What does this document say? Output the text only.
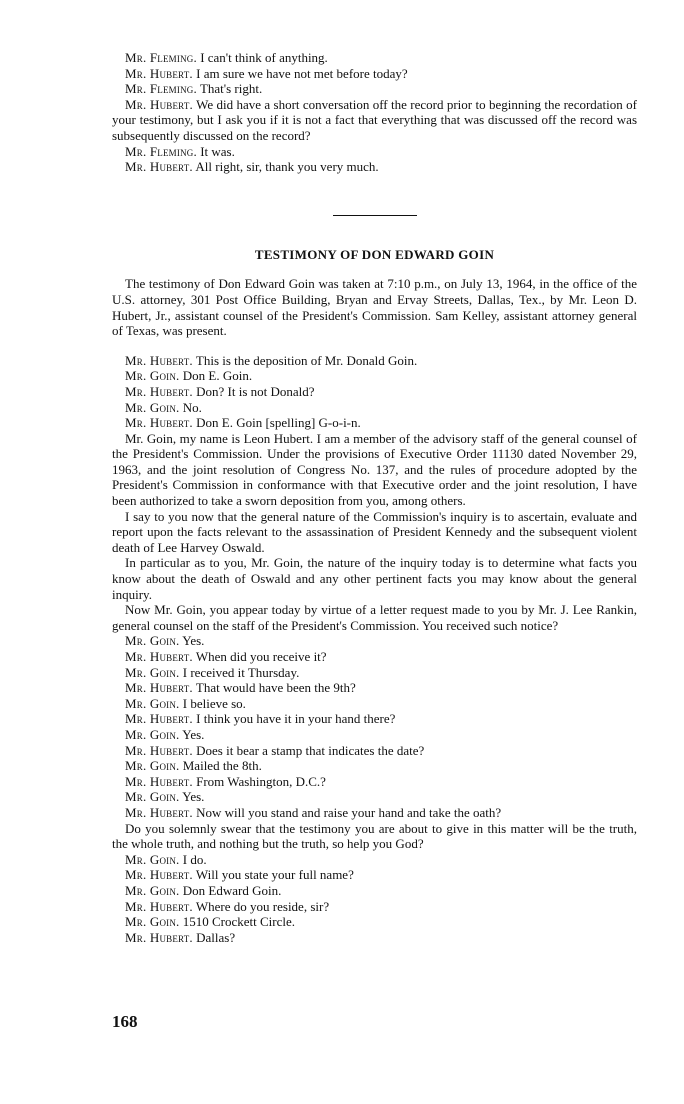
Mr. Fleming. I can't think of anything.

Mr. Hubert. I am sure we have not met before today?

Mr. Fleming. That's right.

Mr. Hubert. We did have a short conversation off the record prior to beginning the recordation of your testimony, but I ask you if it is not a fact that everything that was discussed off the record was subsequently discussed on the record?

Mr. Fleming. It was.

Mr. Hubert. All right, sir, thank you very much.

TESTIMONY OF DON EDWARD GOIN

The testimony of Don Edward Goin was taken at 7:10 p.m., on July 13, 1964, in the office of the U.S. attorney, 301 Post Office Building, Bryan and Ervay Streets, Dallas, Tex., by Mr. Leon D. Hubert, Jr., assistant counsel of the President's Commission. Sam Kelley, assistant attorney general of Texas, was present.

Mr. Hubert. This is the deposition of Mr. Donald Goin.

Mr. Goin. Don E. Goin.

Mr. Hubert. Don? It is not Donald?

Mr. Goin. No.

Mr. Hubert. Don E. Goin [spelling] G-o-i-n.

Mr. Goin, my name is Leon Hubert. I am a member of the advisory staff of the general counsel of the President's Commission. Under the provisions of Executive Order 11130 dated November 29, 1963, and the joint resolution of Congress No. 137, and the rules of procedure adopted by the President's Commission in conformance with that Executive order and the joint resolution, I have been authorized to take a sworn deposition from you, among others.

I say to you now that the general nature of the Commission's inquiry is to ascertain, evaluate and report upon the facts relevant to the assassination of President Kennedy and the subsequent violent death of Lee Harvey Oswald.

In particular as to you, Mr. Goin, the nature of the inquiry today is to determine what facts you know about the death of Oswald and any other pertinent facts you may know about the general inquiry.

Now Mr. Goin, you appear today by virtue of a letter request made to you by Mr. J. Lee Rankin, general counsel on the staff of the President's Commission. You received such notice?

Mr. Goin. Yes.

Mr. Hubert. When did you receive it?

Mr. Goin. I received it Thursday.

Mr. Hubert. That would have been the 9th?

Mr. Goin. I believe so.

Mr. Hubert. I think you have it in your hand there?

Mr. Goin. Yes.

Mr. Hubert. Does it bear a stamp that indicates the date?

Mr. Goin. Mailed the 8th.

Mr. Hubert. From Washington, D.C.?

Mr. Goin. Yes.

Mr. Hubert. Now will you stand and raise your hand and take the oath?

Do you solemnly swear that the testimony you are about to give in this matter will be the truth, the whole truth, and nothing but the truth, so help you God?

Mr. Goin. I do.

Mr. Hubert. Will you state your full name?

Mr. Goin. Don Edward Goin.

Mr. Hubert. Where do you reside, sir?

Mr. Goin. 1510 Crockett Circle.

Mr. Hubert. Dallas?

168
